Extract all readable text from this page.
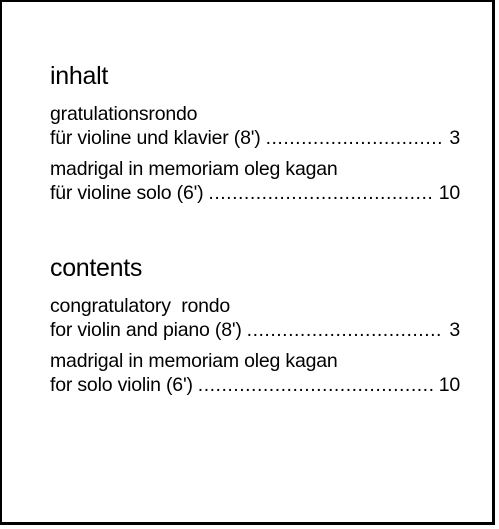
inhalt
gratulationsrondo
für violine und klavier (8') .....	3
madrigal in memoriam oleg kagan
für violine solo (6') .....	10
contents
congratulatory  rondo
for violin and piano (8') .....	3
madrigal in memoriam oleg kagan
for solo violin (6') .....	10
